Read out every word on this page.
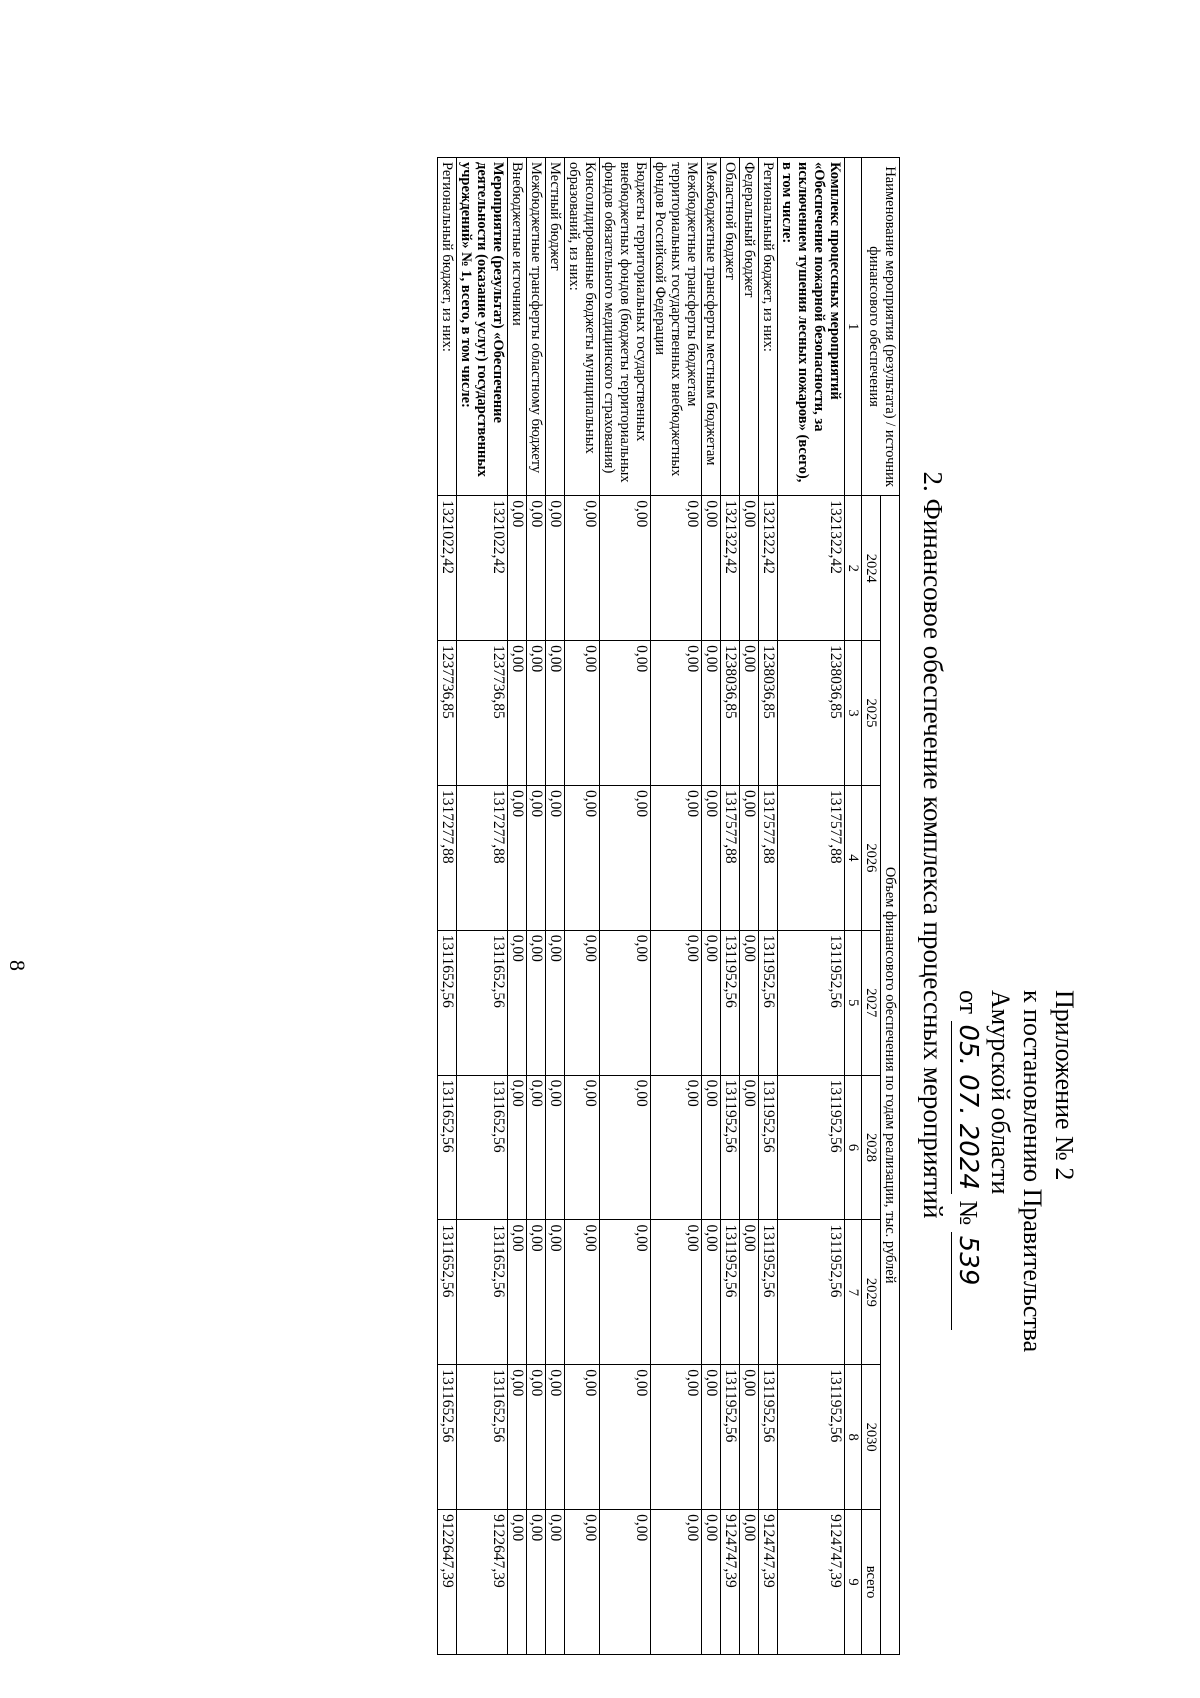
8
Приложение № 2
к постановлению Правительства
Амурской области
от 05. 07. 2024 № 539
2. Финансовое обеспечение комплекса процессных мероприятий
Наименование мероприятия (результата) / источник финансового обеспечения	Объем финансового обеспечения по годам реализации, тыс. рублей							
	2024	2025	2026	2027	2028	2029	2030	всего
1	2	3	4	5	6	7	8	9
Комплекс процессных мероприятий «Обеспечение пожарной безопасности, за исключением тушения лесных пожаров» (всего), в том числе:	1321322,42	1238036,85	1317577,88	1311952,56	1311952,56	1311952,56	1311952,56	9124747,39
Региональный бюджет, из них:	1321322,42	1238036,85	1317577,88	1311952,56	1311952,56	1311952,56	1311952,56	9124747,39
Федеральный бюджет	0,00	0,00	0,00	0,00	0,00	0,00	0,00	0,00
Областной бюджет	1321322,42	1238036,85	1317577,88	1311952,56	1311952,56	1311952,56	1311952,56	9124747,39
Межбюджетные трансферты местным бюджетам	0,00	0,00	0,00	0,00	0,00	0,00	0,00	0,00
Межбюджетные трансферты бюджетам территориальных государственных внебюджетных фондов Российской Федерации	0,00	0,00	0,00	0,00	0,00	0,00	0,00	0,00
Бюджеты территориальных государственных внебюджетных фондов (бюджеты территориальных фондов обязательного медицинского страхования)	0,00	0,00	0,00	0,00	0,00	0,00	0,00	0,00
Консолидированные бюджеты муниципальных образований, из них:	0,00	0,00	0,00	0,00	0,00	0,00	0,00	0,00
Местный бюджет	0,00	0,00	0,00	0,00	0,00	0,00	0,00	0,00
Межбюджетные трансферты областному бюджету	0,00	0,00	0,00	0,00	0,00	0,00	0,00	0,00
Внебюджетные источники	0,00	0,00	0,00	0,00	0,00	0,00	0,00	0,00
Мероприятие (результат) «Обеспечение деятельности (оказание услуг) государственных учреждений» № 1, всего, в том числе:	1321022,42	1237736,85	1317277,88	1311652,56	1311652,56	1311652,56	1311652,56	9122647,39
Региональный бюджет, из них:	1321022,42	1237736,85	1317277,88	1311652,56	1311652,56	1311652,56	1311652,56	9122647,39
